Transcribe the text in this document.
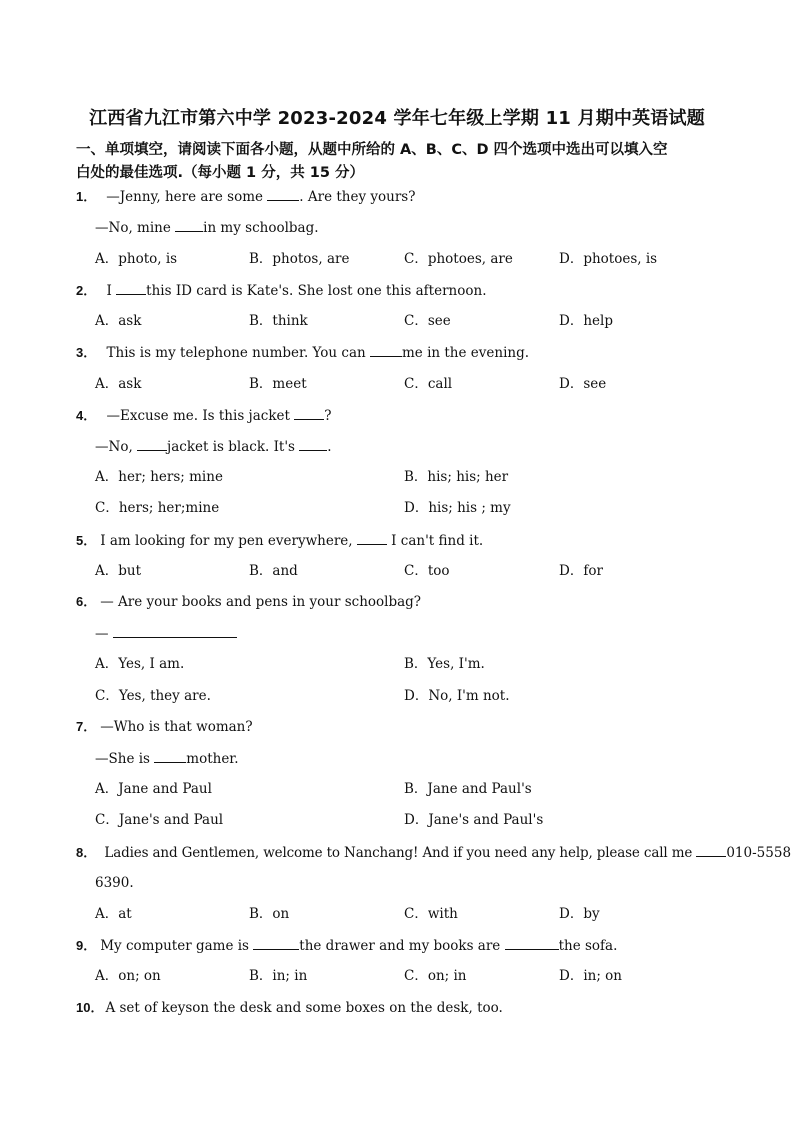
江西省九江市第六中学 2023-2024 学年七年级上学期 11 月期中英语试题
一、单项填空，请阅读下面各小题，从题中所给的 A、B、C、D 四个选项中选出可以填入空
白处的最佳选项.（每小题 1 分，共 15 分）
1． —Jenny, here are some . Are they yours?
—No, mine in my schoolbag.
A．photo, is	B．photos, are	C．photoes, are	D．photoes, is
2． I this ID card is Kate's. She lost one this afternoon.
A．ask	B．think	C．see	D．help
3． This is my telephone number. You can me in the evening.
A．ask	B．meet	C．call	D．see
4． —Excuse me. Is this jacket ?
—No, jacket is black. It's .
A．her; hers; mine	B．his; his; her
C．hers; her;mine	D．his; his ; my
5． I am looking for my pen everywhere,  I can't find it.
A．but	B．and	C．too	D．for
6． — Are your books and pens in your schoolbag?
—
A．Yes, I am.	B．Yes, I'm.
C．Yes, they are.	D．No, I'm not.
7． —Who is that woman?
—She is mother.
A．Jane and Paul	B．Jane and Paul's
C．Jane's and Paul	D．Jane's and Paul's
8． Ladies and Gentlemen, welcome to Nanchang! And if you need any help, please call me 010-5558
6390.
A．at	B．on	C．with	D．by
9． My computer game is	the drawer and my books are	the sofa.
A．on; on	B．in; in	C．on; in	D．in; on
10． A set of keyson the desk and some boxes on the desk, too.
